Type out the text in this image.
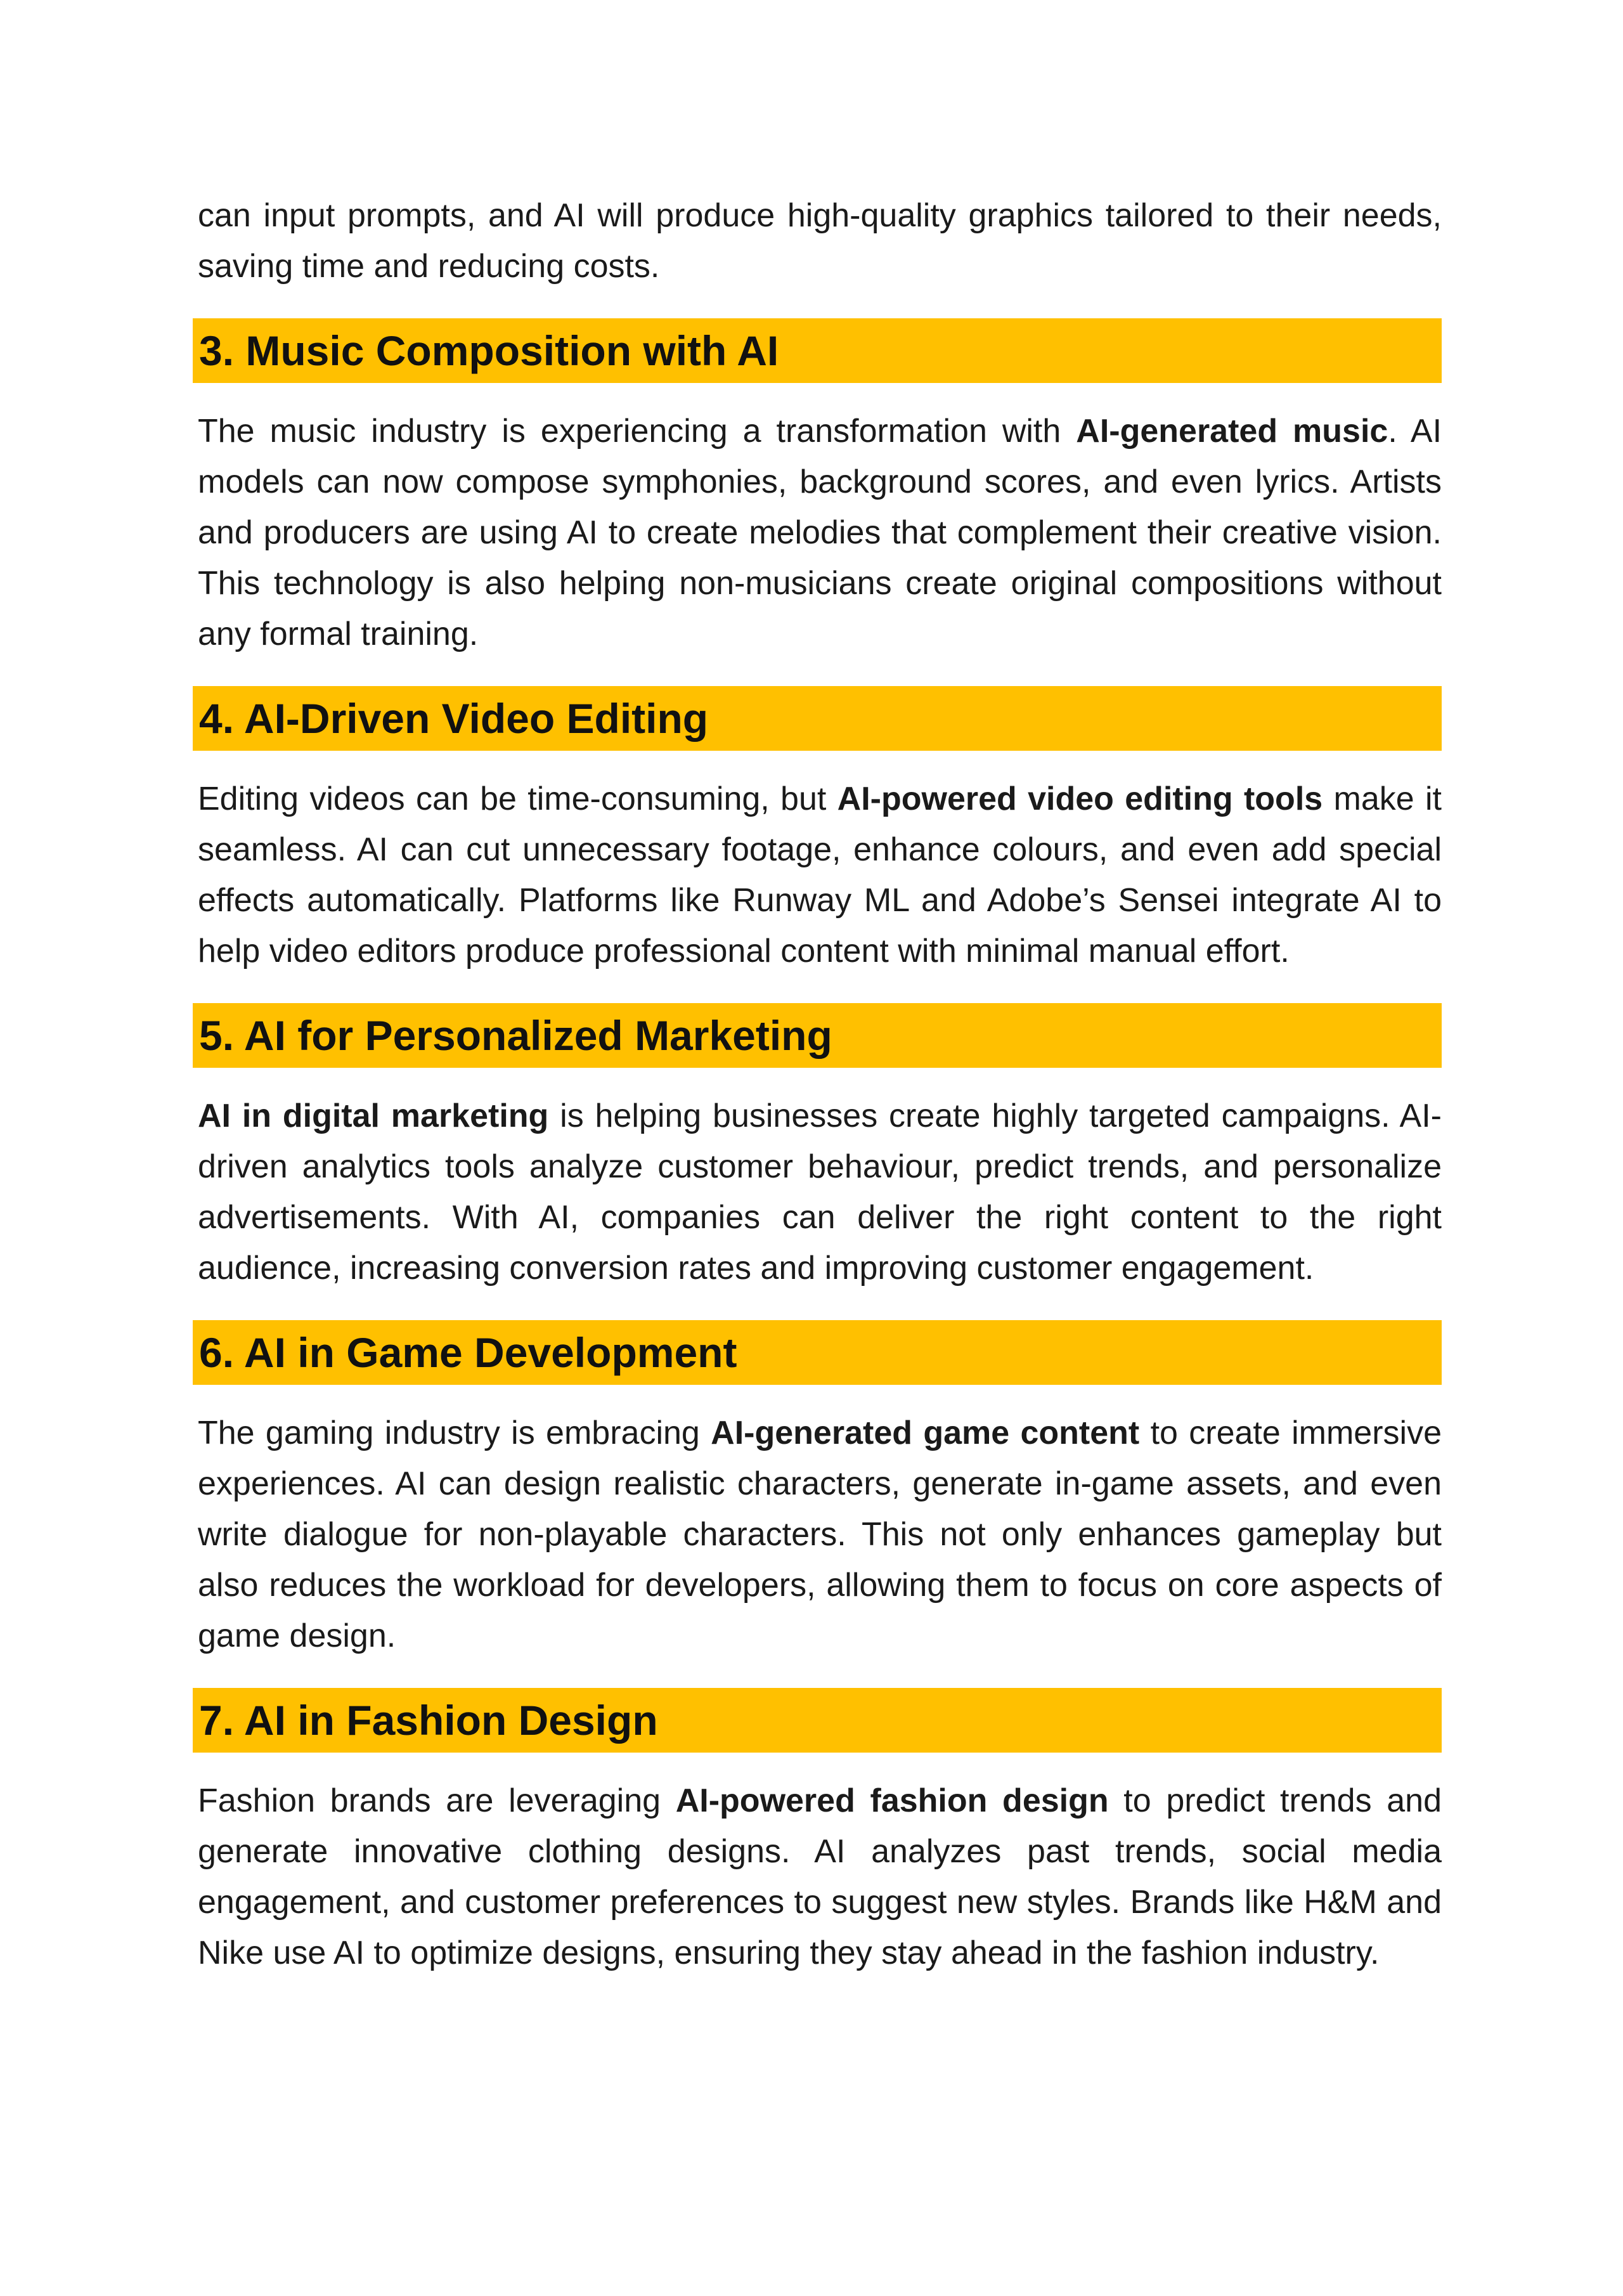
can input prompts, and AI will produce high-quality graphics tailored to their needs, saving time and reducing costs.

3. Music Composition with AI

The music industry is experiencing a transformation with AI-generated music. AI models can now compose symphonies, background scores, and even lyrics. Artists and producers are using AI to create melodies that complement their creative vision. This technology is also helping non-musicians create original compositions without any formal training.

4. AI-Driven Video Editing

Editing videos can be time-consuming, but AI-powered video editing tools make it seamless. AI can cut unnecessary footage, enhance colours, and even add special effects automatically. Platforms like Runway ML and Adobe’s Sensei integrate AI to help video editors produce professional content with minimal manual effort.

5. AI for Personalized Marketing

AI in digital marketing is helping businesses create highly targeted campaigns. AI-driven analytics tools analyze customer behaviour, predict trends, and personalize advertisements. With AI, companies can deliver the right content to the right audience, increasing conversion rates and improving customer engagement.

6. AI in Game Development

The gaming industry is embracing AI-generated game content to create immersive experiences. AI can design realistic characters, generate in-game assets, and even write dialogue for non-playable characters. This not only enhances gameplay but also reduces the workload for developers, allowing them to focus on core aspects of game design.

7. AI in Fashion Design

Fashion brands are leveraging AI-powered fashion design to predict trends and generate innovative clothing designs. AI analyzes past trends, social media engagement, and customer preferences to suggest new styles. Brands like H&M and Nike use AI to optimize designs, ensuring they stay ahead in the fashion industry.
